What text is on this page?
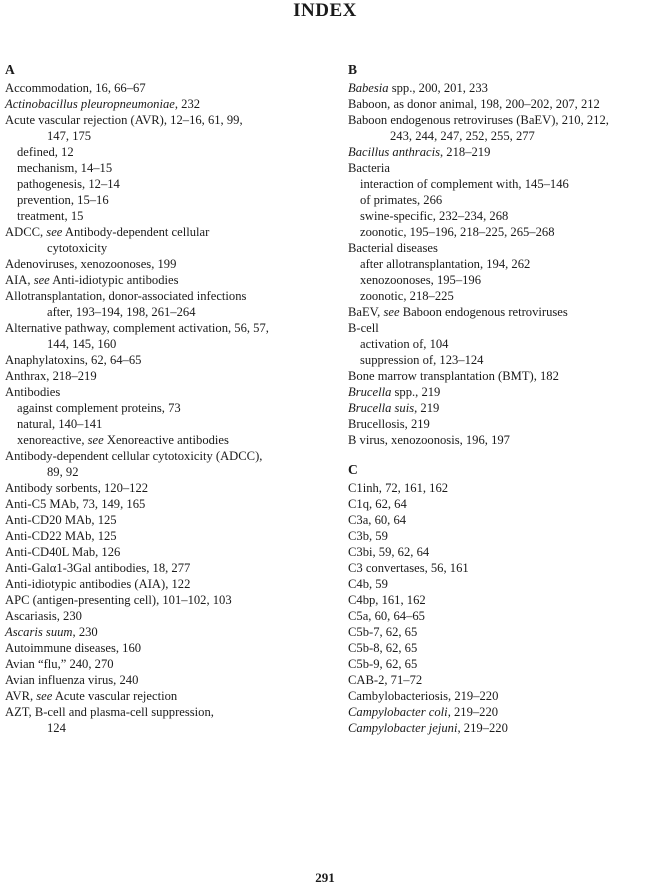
INDEX
A
Accommodation, 16, 66–67
Actinobacillus pleuropneumoniae, 232
Acute vascular rejection (AVR), 12–16, 61, 99,
147, 175
defined, 12
mechanism, 14–15
pathogenesis, 12–14
prevention, 15–16
treatment, 15
ADCC, see Antibody-dependent cellular
cytotoxicity
Adenoviruses, xenozoonoses, 199
AIA, see Anti-idiotypic antibodies
Allotransplantation, donor-associated infections
after, 193–194, 198, 261–264
Alternative pathway, complement activation, 56, 57,
144, 145, 160
Anaphylatoxins, 62, 64–65
Anthrax, 218–219
Antibodies
against complement proteins, 73
natural, 140–141
xenoreactive, see Xenoreactive antibodies
Antibody-dependent cellular cytotoxicity (ADCC),
89, 92
Antibody sorbents, 120–122
Anti-C5 MAb, 73, 149, 165
Anti-CD20 MAb, 125
Anti-CD22 MAb, 125
Anti-CD40L Mab, 126
Anti-Galα1-3Gal antibodies, 18, 277
Anti-idiotypic antibodies (AIA), 122
APC (antigen-presenting cell), 101–102, 103
Ascariasis, 230
Ascaris suum, 230
Autoimmune diseases, 160
Avian “flu,” 240, 270
Avian influenza virus, 240
AVR, see Acute vascular rejection
AZT, B-cell and plasma-cell suppression,
124
B
Babesia spp., 200, 201, 233
Baboon, as donor animal, 198, 200–202, 207, 212
Baboon endogenous retroviruses (BaEV), 210, 212,
243, 244, 247, 252, 255, 277
Bacillus anthracis, 218–219
Bacteria
interaction of complement with, 145–146
of primates, 266
swine-specific, 232–234, 268
zoonotic, 195–196, 218–225, 265–268
Bacterial diseases
after allotransplantation, 194, 262
xenozoonoses, 195–196
zoonotic, 218–225
BaEV, see Baboon endogenous retroviruses
B-cell
activation of, 104
suppression of, 123–124
Bone marrow transplantation (BMT), 182
Brucella spp., 219
Brucella suis, 219
Brucellosis, 219
B virus, xenozoonosis, 196, 197
C
C1inh, 72, 161, 162
C1q, 62, 64
C3a, 60, 64
C3b, 59
C3bi, 59, 62, 64
C3 convertases, 56, 161
C4b, 59
C4bp, 161, 162
C5a, 60, 64–65
C5b-7, 62, 65
C5b-8, 62, 65
C5b-9, 62, 65
CAB-2, 71–72
Cambylobacteriosis, 219–220
Campylobacter coli, 219–220
Campylobacter jejuni, 219–220
291
